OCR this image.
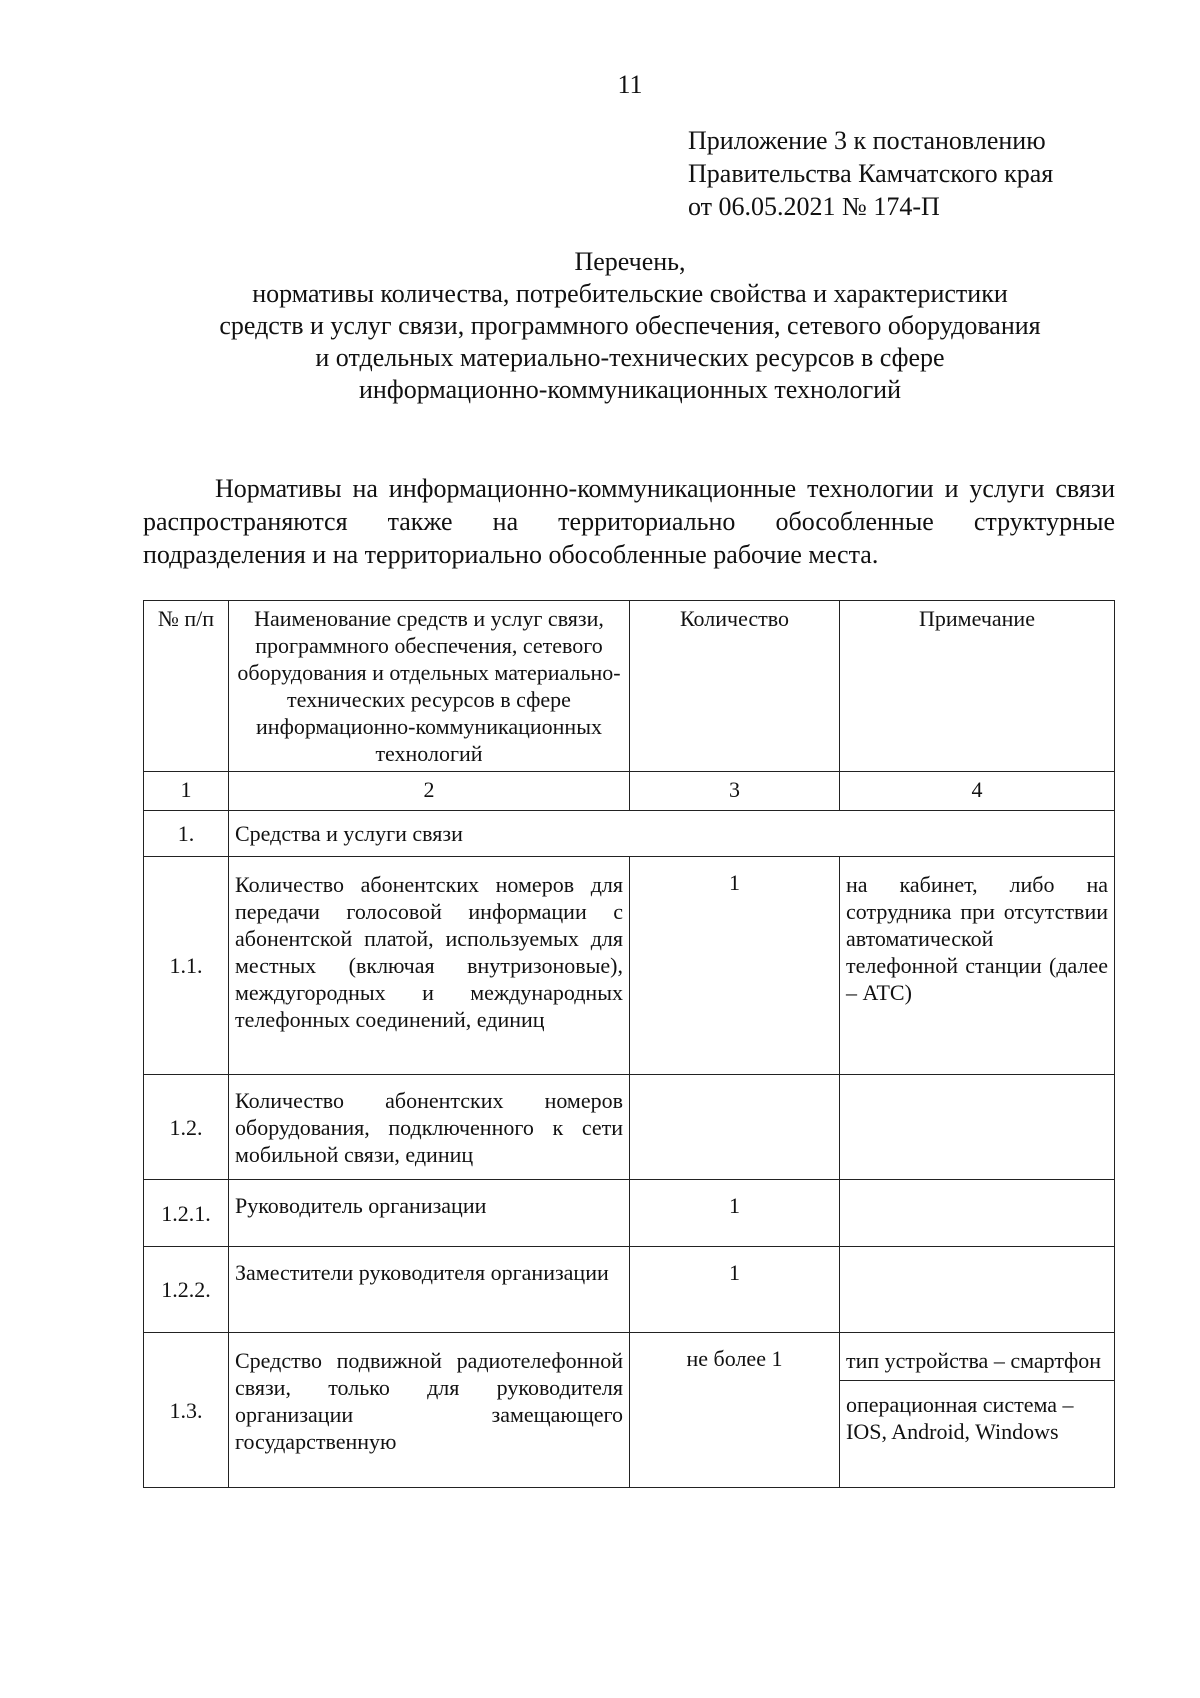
11
Приложение 3 к постановлению
Правительства Камчатского края
от 06.05.2021 № 174-П
Перечень,
нормативы количества, потребительские свойства и характеристики
средств и услуг связи, программного обеспечения, сетевого оборудования
и отдельных материально-технических ресурсов в сфере
информационно-коммуникационных технологий

Нормативы на информационно-коммуникационные технологии и услуги связи распространяются также на территориально обособленные структурные подразделения и на территориально обособленные рабочие места.

№ п/п	Наименование средств и услуг связи, программного обеспечения, сетевого оборудования и отдельных материально-технических ресурсов в сфере информационно-коммуникационных технологий	Количество	Примечание
1	2	3	4
1.	Средства и услуги связи		
1.1.	Количество абонентских номеров для передачи голосовой информации с абонентской платой, используемых для местных (включая внутризоновые), междугородных и международных телефонных соединений, единиц	1	на кабинет, либо на сотрудника при отсутствии автоматической телефонной станции (далее – АТС)
1.2.	Количество абонентских номеров оборудования, подключенного к сети мобильной связи, единиц		
1.2.1.	Руководитель организации	1	
1.2.2.	Заместители руководителя организации	1	
1.3.	Средство подвижной радиотелефонной связи, только для руководителя организации замещающего государственную	не более 1	тип устройства – смартфон
операционная система – IOS, Android, Windows
